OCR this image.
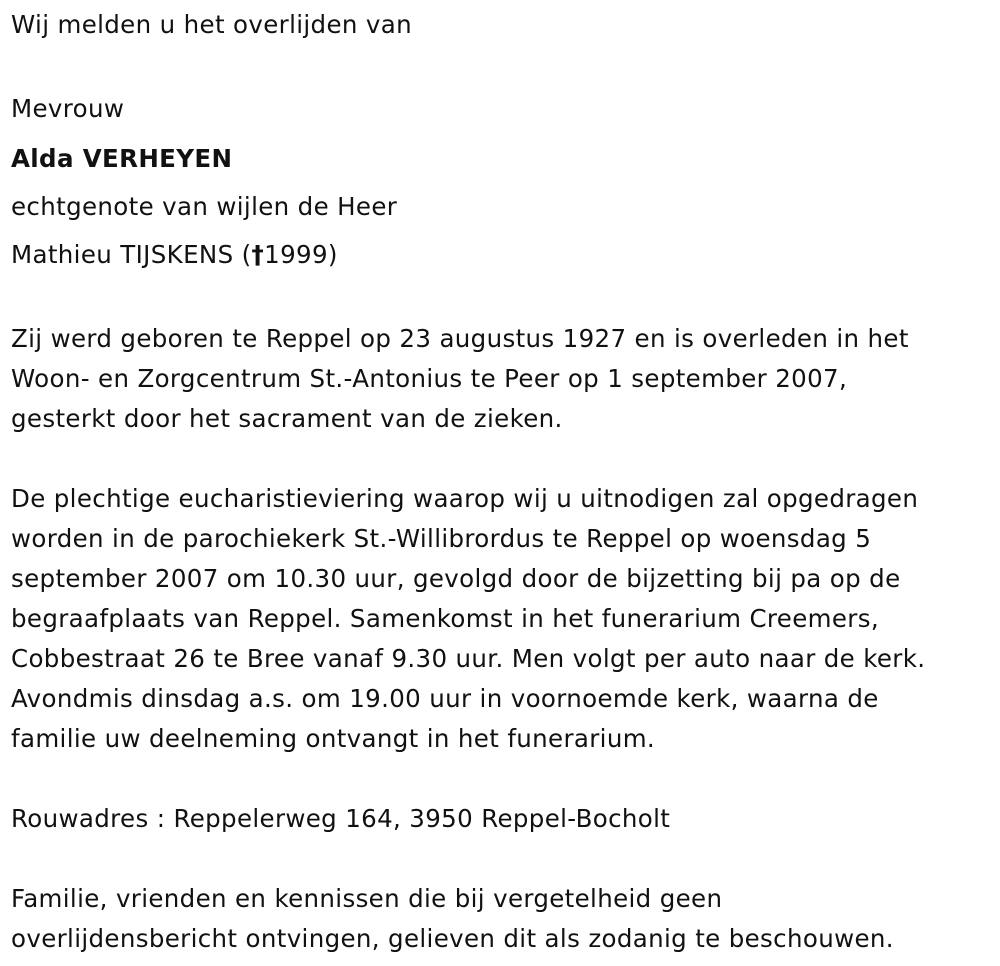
Wij melden u het overlijden van
Mevrouw
Alda VERHEYEN
echtgenote van wijlen de Heer
Mathieu TIJSKENS (†1999)
Zij werd geboren te Reppel op 23 augustus 1927 en is overleden in het
Woon- en Zorgcentrum St.-Antonius te Peer op 1 september 2007,
gesterkt door het sacrament van de zieken.
De plechtige eucharistieviering waarop wij u uitnodigen zal opgedragen
worden in de parochiekerk St.-Willibrordus te Reppel op woensdag 5
september 2007 om 10.30 uur, gevolgd door de bijzetting bij pa op de
begraafplaats van Reppel. Samenkomst in het funerarium Creemers,
Cobbestraat 26 te Bree vanaf 9.30 uur. Men volgt per auto naar de kerk.
Avondmis dinsdag a.s. om 19.00 uur in voornoemde kerk, waarna de
familie uw deelneming ontvangt in het funerarium.
Rouwadres : Reppelerweg 164, 3950 Reppel-Bocholt
Familie, vrienden en kennissen die bij vergetelheid geen
overlijdensbericht ontvingen, gelieven dit als zodanig te beschouwen.
